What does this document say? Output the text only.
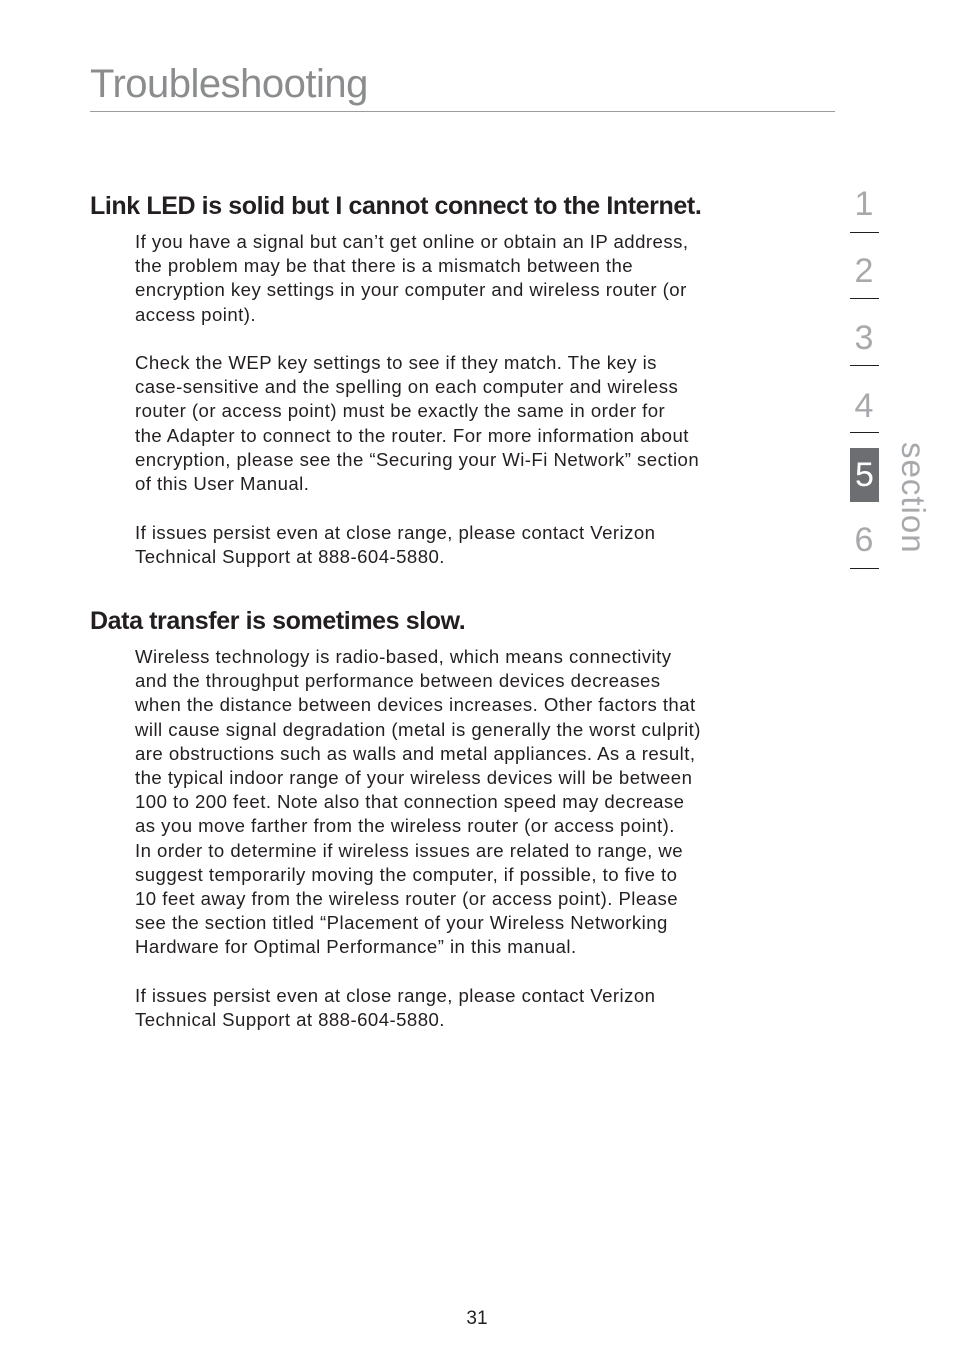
Troubleshooting
Link LED is solid but I cannot connect to the Internet.

If you have a signal but can’t get online or obtain an IP address,
the problem may be that there is a mismatch between the
encryption key settings in your computer and wireless router (or
access point).

Check the WEP key settings to see if they match. The key is
case-sensitive and the spelling on each computer and wireless
router (or access point) must be exactly the same in order for
the Adapter to connect to the router. For more information about
encryption, please see the “Securing your Wi-Fi Network” section
of this User Manual.

If issues persist even at close range, please contact Verizon
Technical Support at 888-604-5880.

Data transfer is sometimes slow.

Wireless technology is radio-based, which means connectivity
and the throughput performance between devices decreases
when the distance between devices increases. Other factors that
will cause signal degradation (metal is generally the worst culprit)
are obstructions such as walls and metal appliances. As a result,
the typical indoor range of your wireless devices will be between
100 to 200 feet. Note also that connection speed may decrease
as you move farther from the wireless router (or access point).
In order to determine if wireless issues are related to range, we
suggest temporarily moving the computer, if possible, to five to
10 feet away from the wireless router (or access point). Please
see the section titled “Placement of your Wireless Networking
Hardware for Optimal Performance” in this manual.

If issues persist even at close range, please contact Verizon
Technical Support at 888-604-5880.

1
2
3
4
5
6 section
31
